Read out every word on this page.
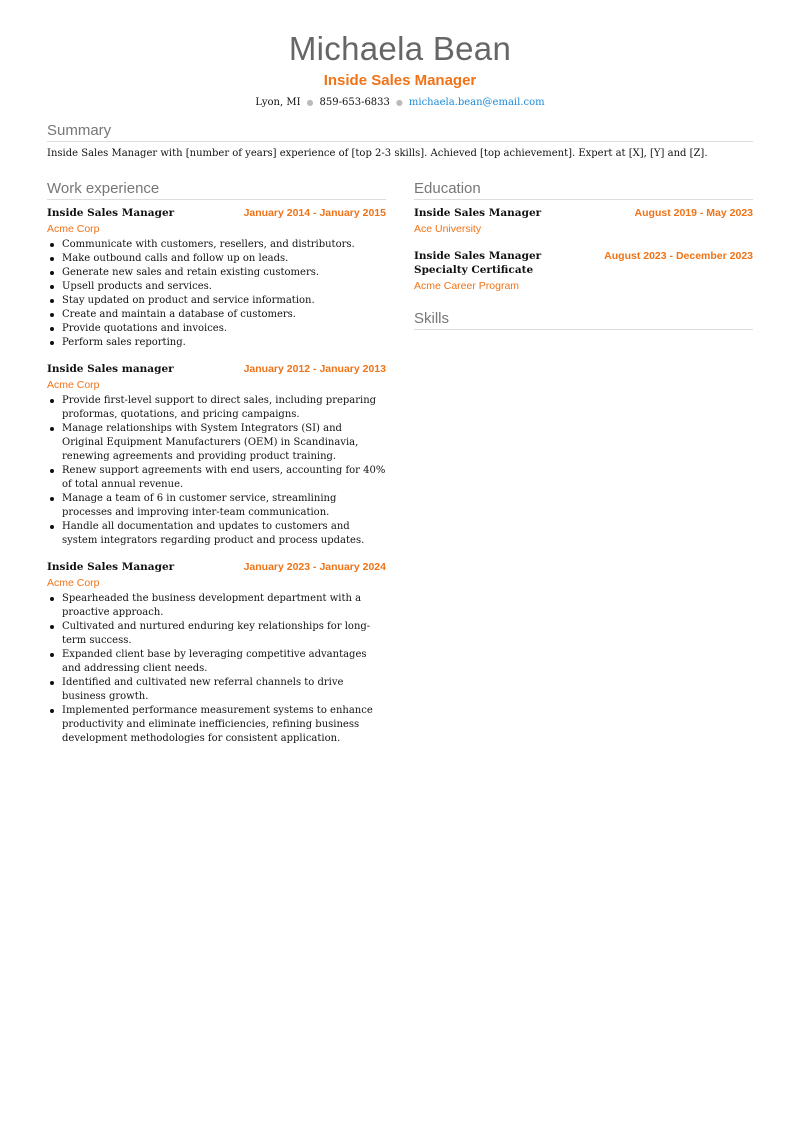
Michaela Bean
Inside Sales Manager
Lyon, MI ● 859-653-6833 ● michaela.bean@email.com
Summary

Inside Sales Manager with [number of years] experience of [top 2-3 skills]. Achieved [top achievement]. Expert at [X], [Y] and [Z].

Work experience
Inside Sales Manager	January 2014 - January 2015
Acme Corp
Communicate with customers, resellers, and distributors.
Make outbound calls and follow up on leads.
Generate new sales and retain existing customers.
Upsell products and services.
Stay updated on product and service information.
Create and maintain a database of customers.
Provide quotations and invoices.
Perform sales reporting.
Inside Sales manager	January 2012 - January 2013
Acme Corp
Provide first-level support to direct sales, including preparing proformas, quotations, and pricing campaigns.
Manage relationships with System Integrators (SI) and Original Equipment Manufacturers (OEM) in Scandinavia, renewing agreements and providing product training.
Renew support agreements with end users, accounting for 40% of total annual revenue.
Manage a team of 6 in customer service, streamlining processes and improving inter-team communication.
Handle all documentation and updates to customers and system integrators regarding product and process updates.
Inside Sales Manager	January 2023 - January 2024
Acme Corp
Spearheaded the business development department with a proactive approach.
Cultivated and nurtured enduring key relationships for long-term success.
Expanded client base by leveraging competitive advantages and addressing client needs.
Identified and cultivated new referral channels to drive business growth.
Implemented performance measurement systems to enhance productivity and eliminate inefficiencies, refining business development methodologies for consistent application.
Education
Inside Sales Manager	August 2019 - May 2023
Ace University
Inside Sales Manager Specialty Certificate
August 2023 - December 2023
Acme Career Program
Skills
